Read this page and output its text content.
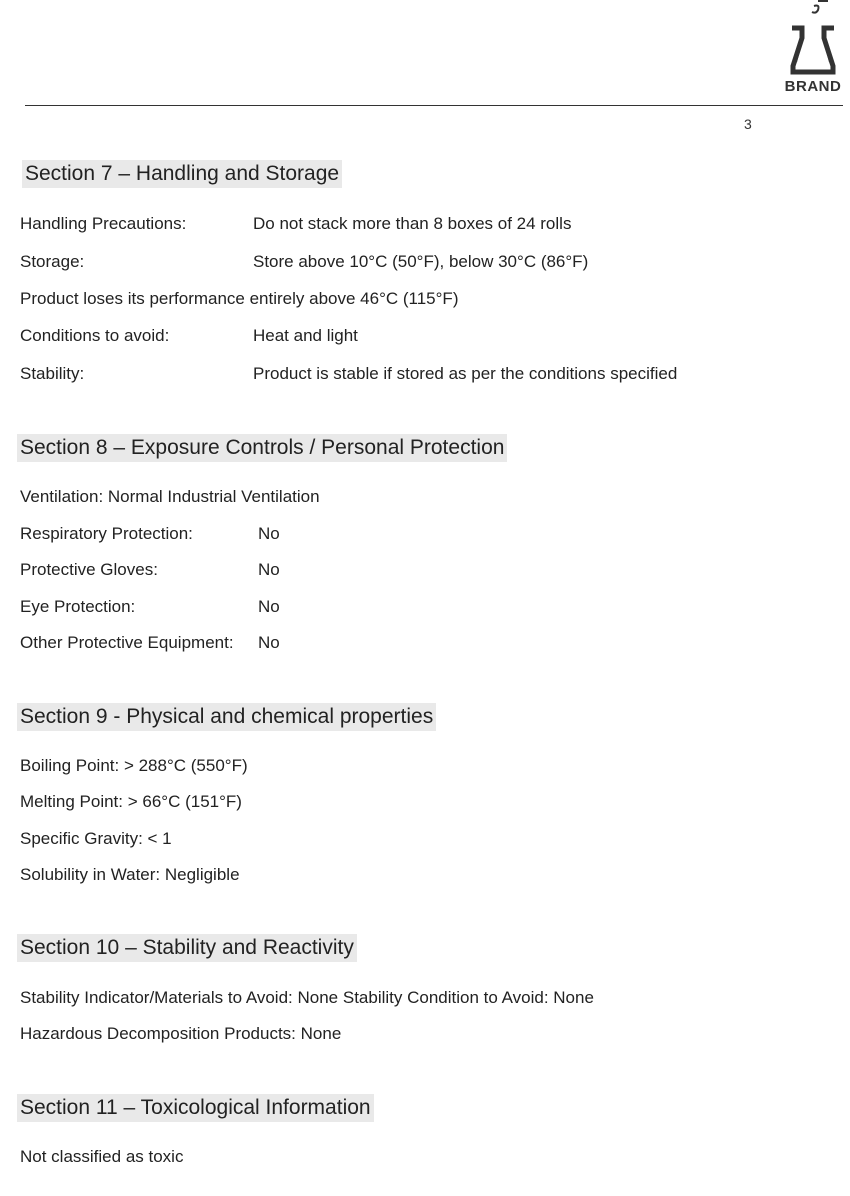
BRAND
3
Section 7 – Handling and Storage
Handling Precautions:	Do not stack more than 8 boxes of 24 rolls
Storage:	Store above 10°C (50°F), below 30°C (86°F)
Product loses its performance entirely above 46°C (115°F)
Conditions to avoid:	Heat and light
Stability:	Product is stable if stored as per the conditions specified
Section 8 – Exposure Controls / Personal Protection
Ventilation: Normal Industrial Ventilation
Respiratory Protection:	No
Protective Gloves:	No
Eye Protection:	No
Other Protective Equipment: No
Section 9 - Physical and chemical properties
Boiling Point: > 288°C (550°F)
Melting Point: > 66°C (151°F)
Specific Gravity: < 1
Solubility in Water: Negligible
Section 10 – Stability and Reactivity
Stability Indicator/Materials to Avoid: None Stability Condition to Avoid: None
Hazardous Decomposition Products: None
Section 11 – Toxicological Information
Not classified as toxic
